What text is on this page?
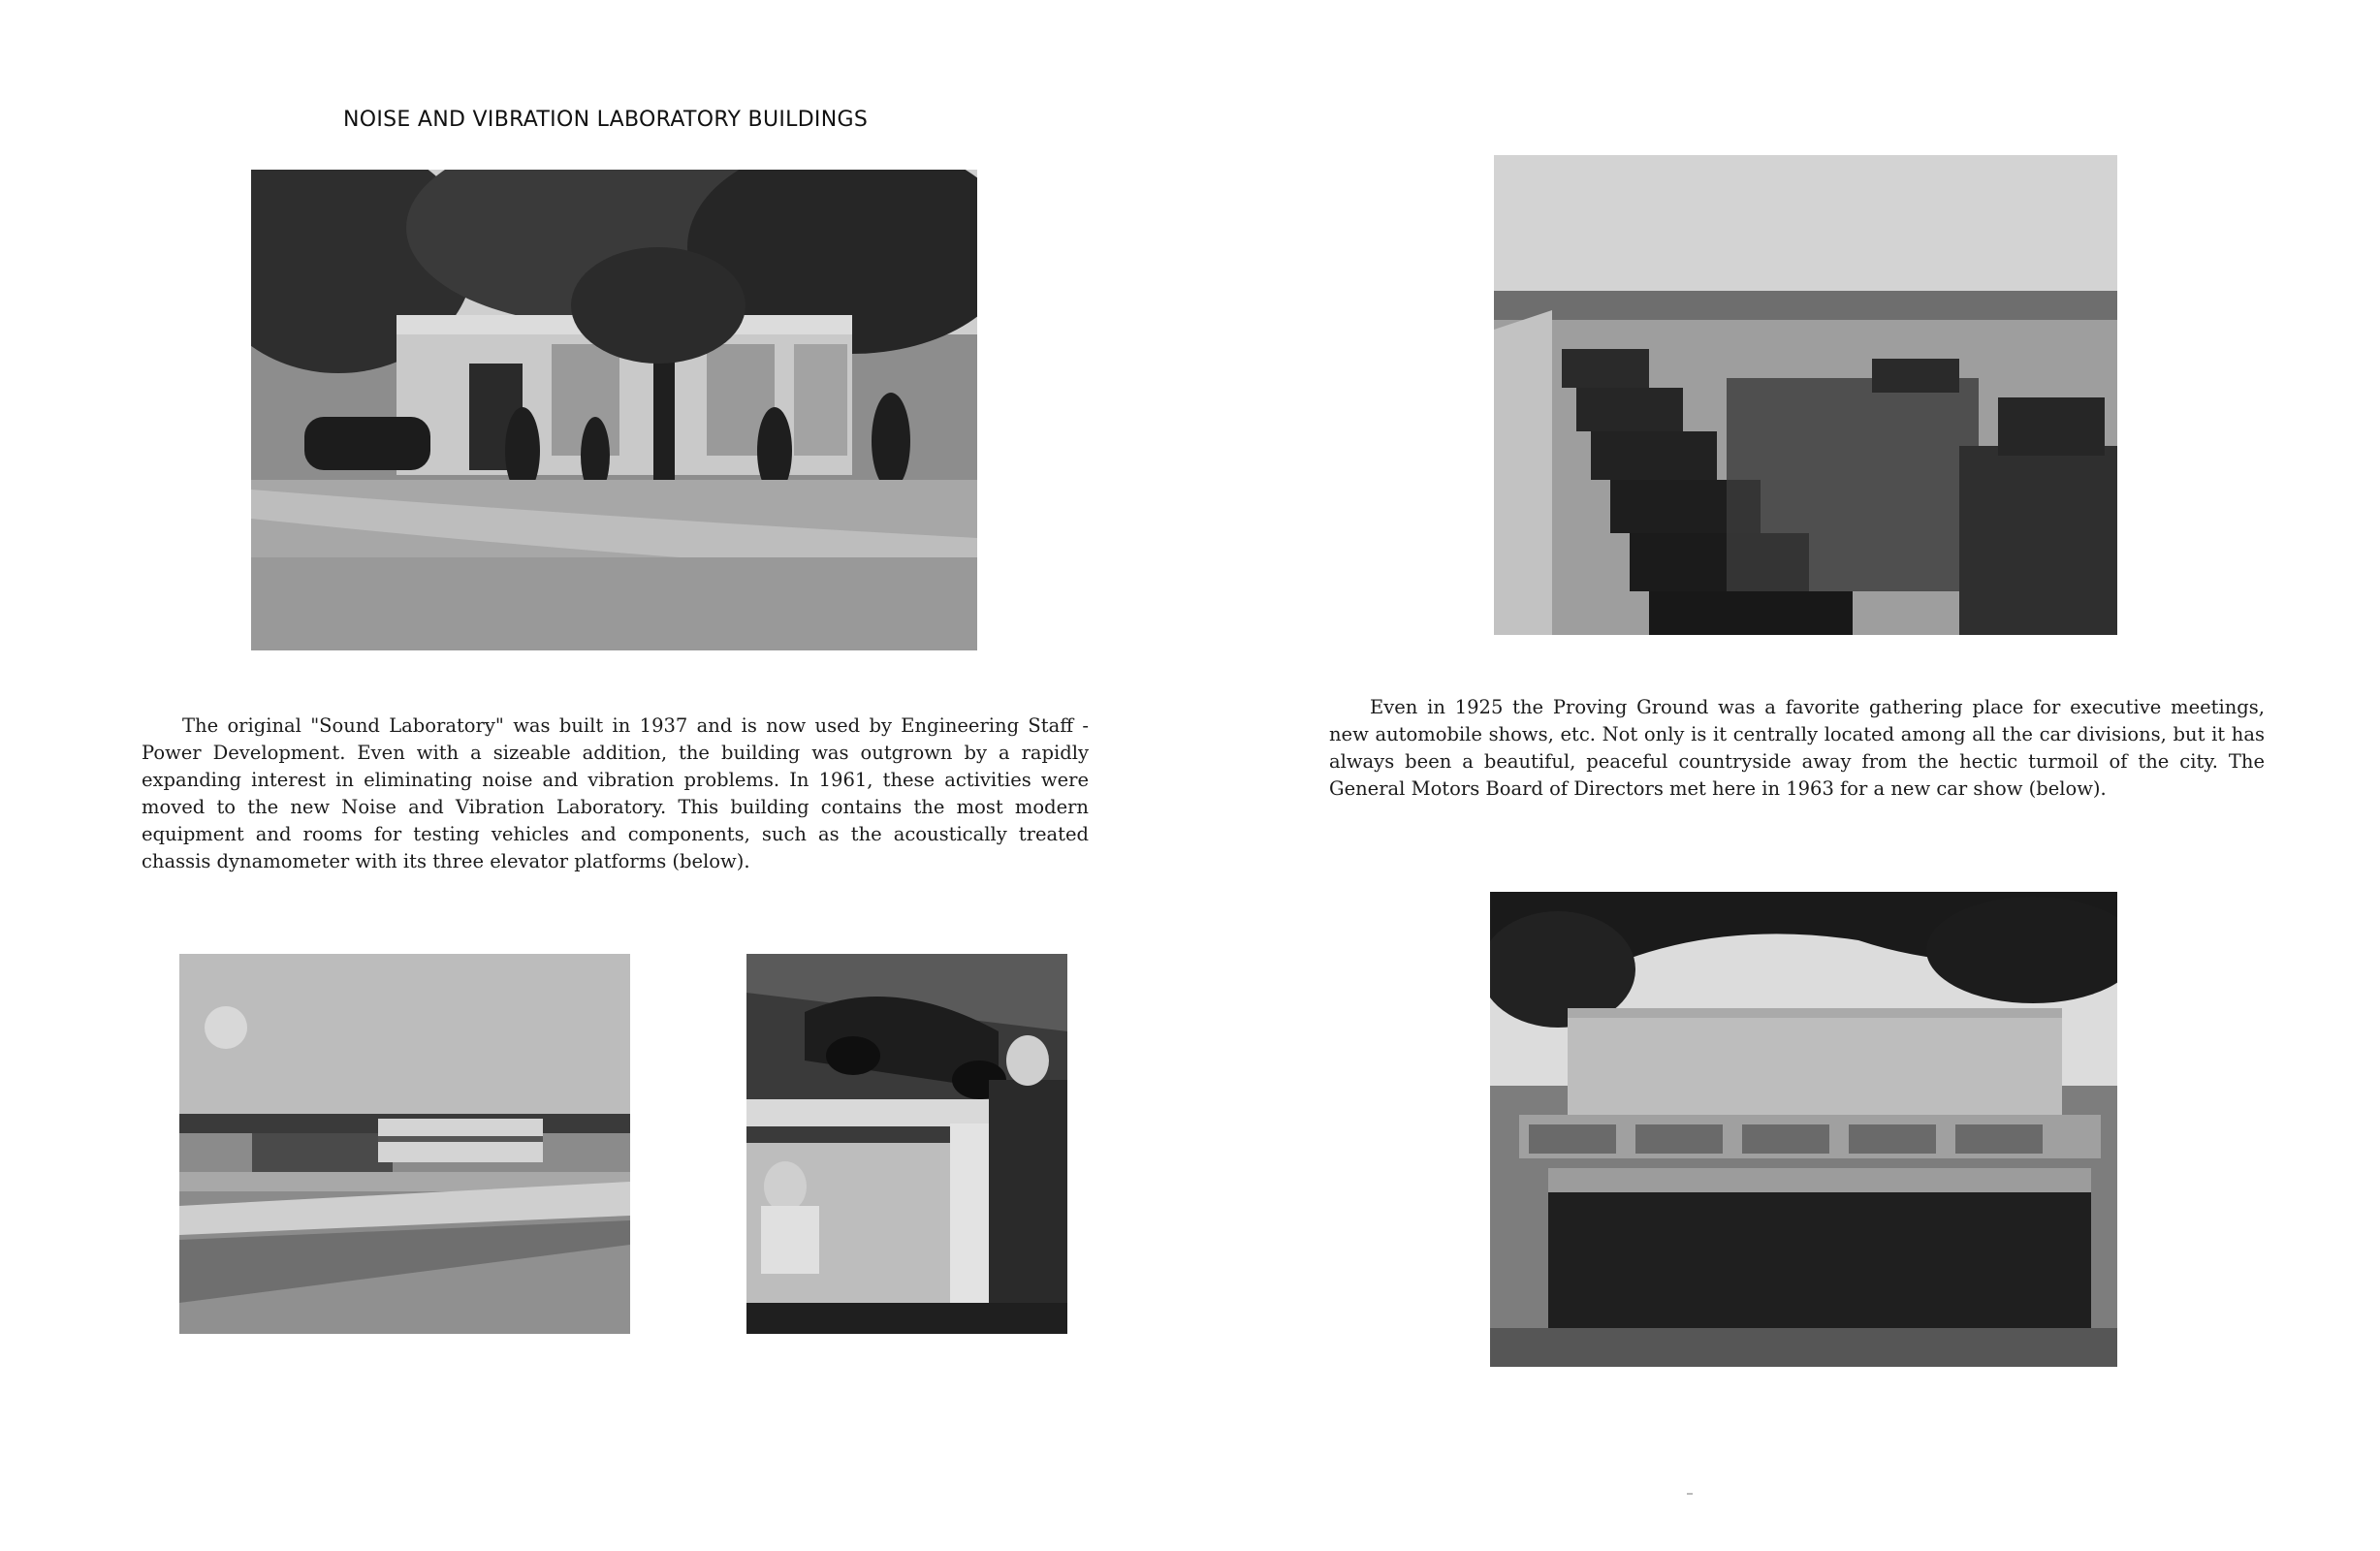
NOISE AND VIBRATION LABORATORY BUILDINGS

The original "Sound Laboratory" was built in 1937 and is now used by Engineering Staff - Power Development. Even with a sizeable addition, the building was outgrown by a rapidly expanding interest in eliminating noise and vibration problems. In 1961, these activities were moved to the new Noise and Vibration Laboratory. This building contains the most modern equipment and rooms for testing vehicles and components, such as the acoustically treated chassis dynamometer with its three elevator platforms (below).

Even in 1925 the Proving Ground was a favorite gathering place for executive meetings, new automobile shows, etc. Not only is it centrally located among all the car divisions, but it has always been a beautiful, peaceful countryside away from the hectic turmoil of the city. The General Motors Board of Directors met here in 1963 for a new car show (below).
